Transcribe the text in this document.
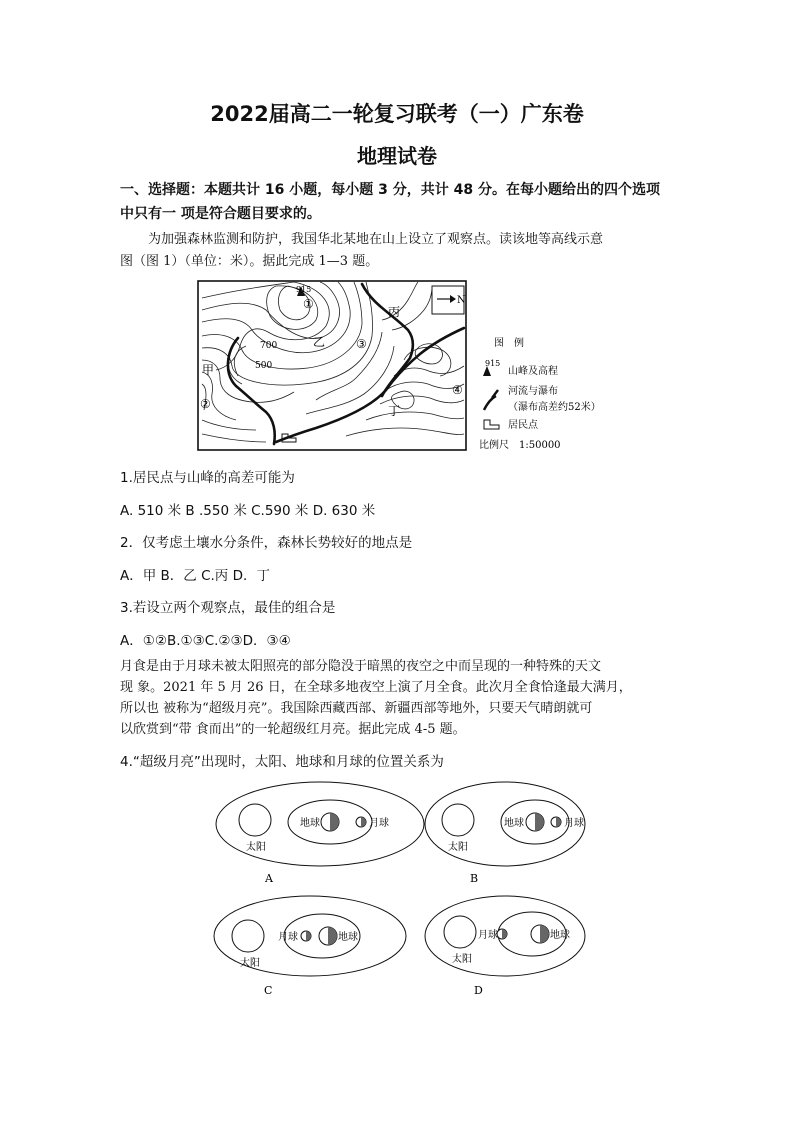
2022届高二一轮复习联考（一）广东卷
地理试卷
一、选择题：本题共计 16 小题，每小题 3 分，共计 48 分。在每小题给出的四个选项
中只有一 项是符合题目要求的。
为加强森林监测和防护，我国华北某地在山上设立了观察点。读该地等高线示意
图（图 1）（单位：米）。据此完成 1—3 题。
N
915
①
②
③
④
甲
乙
丙
丁
700
500
图　例
915
山峰及高程
河流与瀑布
（瀑布高差约52米）
居民点
比例尺　1:50000
1.居民点与山峰的高差可能为
A. 510 米 B .550 米 C.590 米 D. 630 米
2．仅考虑土壤水分条件，森林长势较好的地点是
A．甲 B．乙 C.丙 D．丁
3.若设立两个观察点，最佳的组合是
A．①②B.①③C.②③D．③④
月食是由于月球未被太阳照亮的部分隐没于暗黑的夜空之中而呈现的一种特殊的天文
现 象。2021 年 5 月 26 日，在全球多地夜空上演了月全食。此次月全食恰逢最大满月，
所以也 被称为“超级月亮”。我国除西藏西部、新疆西部等地外，只要天气晴朗就可
以欣赏到“带 食而出”的一轮超级红月亮。据此完成 4-5 题。
4.“超级月亮”出现时，太阳、地球和月球的位置关系为
太阳
地球	月球
A
太阳
地球	月球
B
太阳
月球	地球
C
太阳
月球	地球
D
